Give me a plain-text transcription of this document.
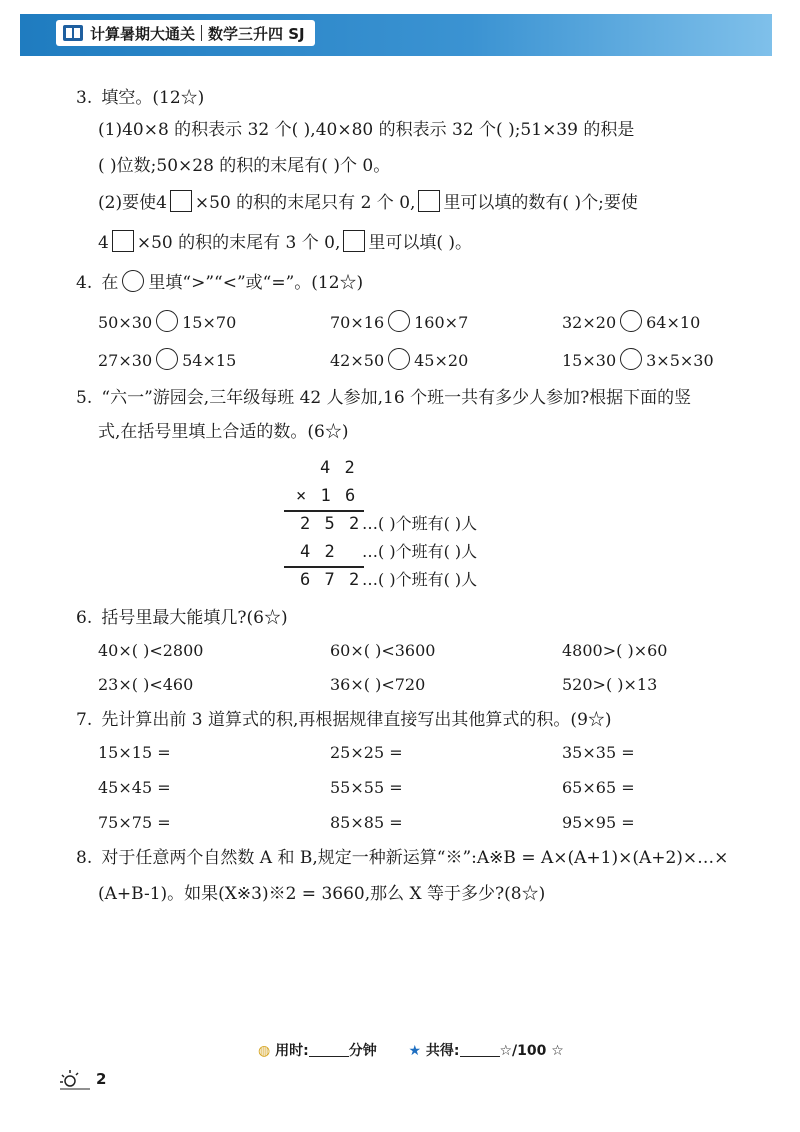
计算暑期大通关 数学三升四 SJ
3. 填空。(12☆)
(1)40×8 的积表示 32 个( ),40×80 的积表示 32 个( );51×39 的积是
( )位数;50×28 的积的末尾有( )个 0。
(2)要使4 ×50 的积的末尾只有 2 个 0, 里可以填的数有( )个;要使
4 ×50 的积的末尾有 3 个 0, 里可以填( )。
4. 在 里填“>”“<”或“=”。(12☆)
50×30 15×70	70×16 160×7	32×20 64×10
27×30 54×15	42×50 45×20	15×30 3×5×30
5. “六一”游园会,三年级每班 42 人参加,16 个班一共有多少人参加?根据下面的竖
式,在括号里填上合适的数。(6☆)
4 2
× 1 6
2 5 2 …( )个班有( )人
4 2 …( )个班有( )人
6 7 2 …( )个班有( )人
6. 括号里最大能填几?(6☆)
40×( )<2800	60×( )<3600	4800>( )×60
23×( )<460	36×( )<720	520>( )×13
7. 先计算出前 3 道算式的积,再根据规律直接写出其他算式的积。(9☆)
15×15 =	25×25 =	35×35 =
45×45 =	55×55 =	65×65 =
75×75 =	85×85 =	95×95 =
8. 对于任意两个自然数 A 和 B,规定一种新运算“※”:A※B = A×(A+1)×(A+2)×…×
(A+B-1)。如果(X※3)※2 = 3660,那么 X 等于多少?(8☆)
◍ 用时:	分钟 ★ 共得:	☆/100 ☆
2
